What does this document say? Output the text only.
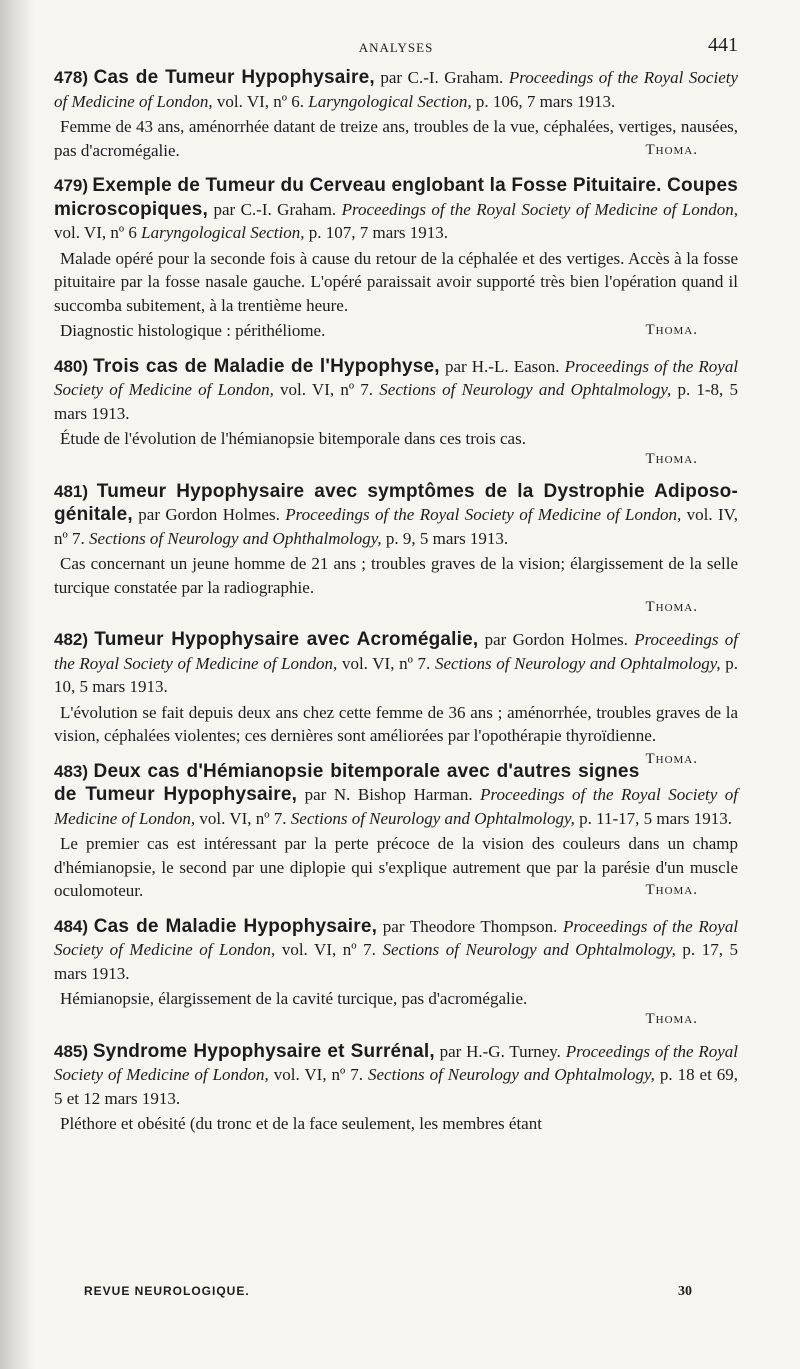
ANALYSES	441

478) Cas de Tumeur Hypophysaire, par C.-I. Graham. Proceedings of the Royal Society of Medicine of London, vol. VI, nº 6. Laryngological Section, p. 106, 7 mars 1913.

Femme de 43 ans, aménorrhée datant de treize ans, troubles de la vue, céphalées, vertiges, nausées, pas d'acromégalie.	Thoma.

479) Exemple de Tumeur du Cerveau englobant la Fosse Pituitaire. Coupes microscopiques, par C.-I. Graham. Proceedings of the Royal Society of Medicine of London, vol. VI, nº 6 Laryngological Section, p. 107, 7 mars 1913.

Malade opéré pour la seconde fois à cause du retour de la céphalée et des vertiges. Accès à la fosse pituitaire par la fosse nasale gauche. L'opéré paraissait avoir supporté très bien l'opération quand il succomba subitement, à la trentième heure.

Diagnostic histologique : périthéliome.	Thoma.

480) Trois cas de Maladie de l'Hypophyse, par H.-L. Eason. Proceedings of the Royal Society of Medicine of London, vol. VI, nº 7. Sections of Neurology and Ophtalmology, p. 1-8, 5 mars 1913.

Étude de l'évolution de l'hémianopsie bitemporale dans ces trois cas.

Thoma.

481) Tumeur Hypophysaire avec symptômes de la Dystrophie Adiposo-génitale, par Gordon Holmes. Proceedings of the Royal Society of Medicine of London, vol. IV, nº 7. Sections of Neurology and Ophthalmology, p. 9, 5 mars 1913.

Cas concernant un jeune homme de 21 ans ; troubles graves de la vision; élargissement de la selle turcique constatée par la radiographie.

Thoma.

482) Tumeur Hypophysaire avec Acromégalie, par Gordon Holmes. Proceedings of the Royal Society of Medicine of London, vol. VI, nº 7. Sections of Neurology and Ophtalmology, p. 10, 5 mars 1913.

L'évolution se fait depuis deux ans chez cette femme de 36 ans ; aménorrhée, troubles graves de la vision, céphalées violentes; ces dernières sont améliorées par l'opothérapie thyroïdienne.
Thoma.

483) Deux cas d'Hémianopsie bitemporale avec d'autres signes de Tumeur Hypophysaire, par N. Bishop Harman. Proceedings of the Royal Society of Medicine of London, vol. VI, nº 7. Sections of Neurology and Ophtalmology, p. 11-17, 5 mars 1913.

Le premier cas est intéressant par la perte précoce de la vision des couleurs dans un champ d'hémianopsie, le second par une diplopie qui s'explique autrement que par la parésie d'un muscle oculomoteur.	Thoma.

484) Cas de Maladie Hypophysaire, par Theodore Thompson. Proceedings of the Royal Society of Medicine of London, vol. VI, nº 7. Sections of Neurology and Ophtalmology, p. 17, 5 mars 1913.

Hémianopsie, élargissement de la cavité turcique, pas d'acromégalie.

Thoma.

485) Syndrome Hypophysaire et Surrénal, par H.-G. Turney. Proceedings of the Royal Society of Medicine of London, vol. VI, nº 7. Sections of Neurology and Ophtalmology, p. 18 et 69, 5 et 12 mars 1913.

Pléthore et obésité (du tronc et de la face seulement, les membres étant

REVUE NEUROLOGIQUE.	30
